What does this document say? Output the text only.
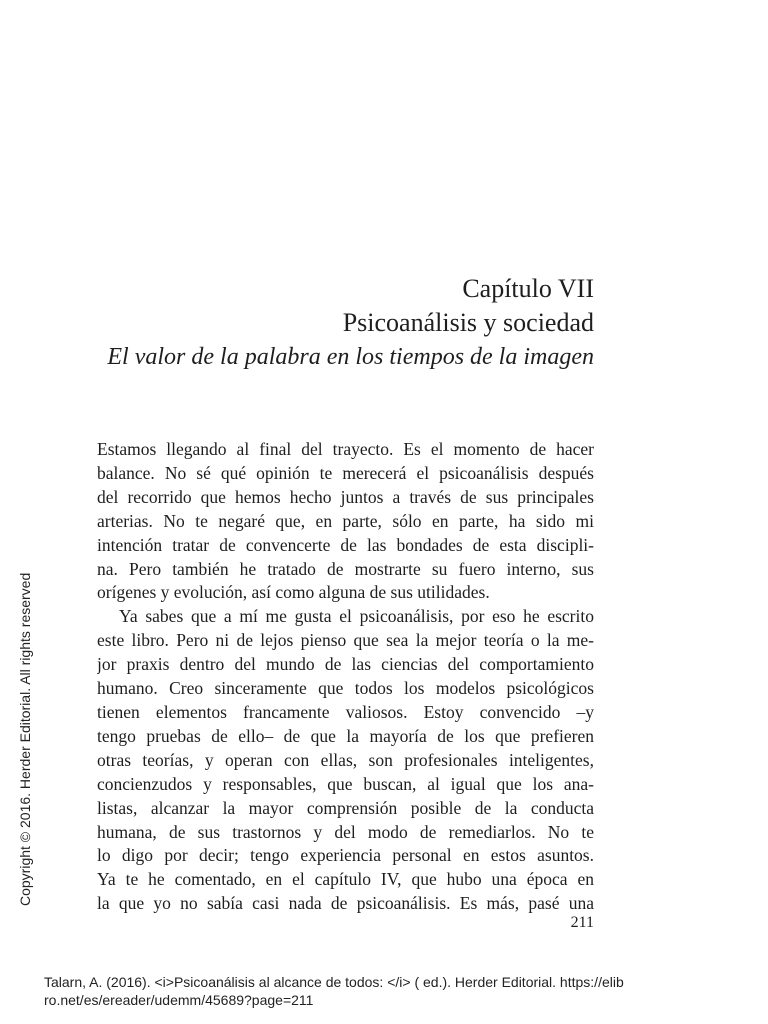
Capítulo VII
Psicoanálisis y sociedad
El valor de la palabra en los tiempos de la imagen
Estamos llegando al final del trayecto. Es el momento de hacer
balance. No sé qué opinión te merecerá el psicoanálisis después
del recorrido que hemos hecho juntos a través de sus principales
arterias. No te negaré que, en parte, sólo en parte, ha sido mi
intención tratar de convencerte de las bondades de esta discipli-
na. Pero también he tratado de mostrarte su fuero interno, sus
orígenes y evolución, así como alguna de sus utilidades.
Ya sabes que a mí me gusta el psicoanálisis, por eso he escrito
este libro. Pero ni de lejos pienso que sea la mejor teoría o la me-
jor praxis dentro del mundo de las ciencias del comportamiento
humano. Creo sinceramente que todos los modelos psicológicos
tienen elementos francamente valiosos. Estoy convencido –y
tengo pruebas de ello– de que la mayoría de los que prefieren
otras teorías, y operan con ellas, son profesionales inteligentes,
concienzudos y responsables, que buscan, al igual que los ana-
listas, alcanzar la mayor comprensión posible de la conducta
humana, de sus trastornos y del modo de remediarlos. No te
lo digo por decir; tengo experiencia personal en estos asuntos.
Ya te he comentado, en el capítulo IV, que hubo una época en
la que yo no sabía casi nada de psicoanálisis. Es más, pasé una
211
Copyright © 2016. Herder Editorial. All rights reserved
Talarn, A. (2016). <i>Psicoanálisis al alcance de todos: </i> ( ed.). Herder Editorial. https://elib
ro.net/es/ereader/udemm/45689?page=211
